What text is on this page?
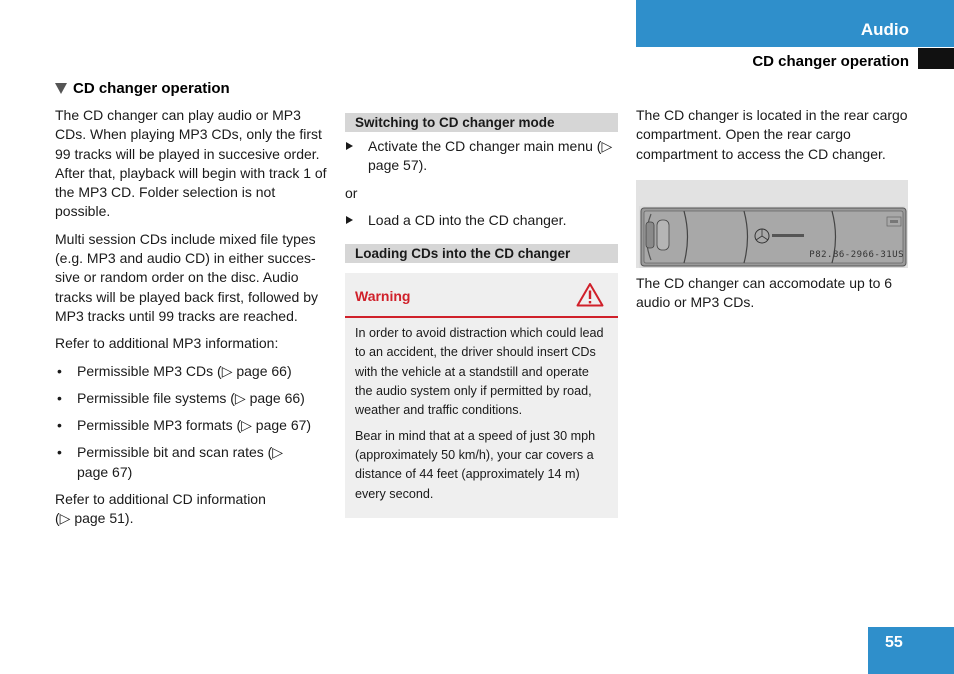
Audio
CD changer operation
CD changer operation

The CD changer can play audio or MP3 CDs. When playing MP3 CDs, only the first 99 tracks will be played in succesive order. After that, playback will begin with track 1 of the MP3 CD. Folder selection is not possible.

Multi session CDs include mixed file types (e.g. MP3 and audio CD) in either succes-sive or random order on the disc. Audio tracks will be played back first, followed by MP3 tracks until 99 tracks are reached.

Refer to additional MP3 information:

• Permissible MP3 CDs (▷ page 66)
• Permissible file systems (▷ page 66)
• Permissible MP3 formats (▷ page 67)
• Permissible bit and scan rates (▷ page 67)

Refer to additional CD information (▷ page 51).

Switching to CD changer mode
Activate the CD changer main menu (▷ page 57).
or
Load a CD into the CD changer.
Loading CDs into the CD changer
Warning

In order to avoid distraction which could lead to an accident, the driver should insert CDs with the vehicle at a standstill and operate the audio system only if permitted by road, weather and traffic conditions.

Bear in mind that at a speed of just 30 mph (approximately 50 km/h), your car covers a distance of 44 feet (approximately 14 m) every second.

The CD changer is located in the rear cargo compartment. Open the rear cargo compartment to access the CD changer.

P82.86-2966-31US

The CD changer can accomodate up to 6 audio or MP3 CDs.

55
